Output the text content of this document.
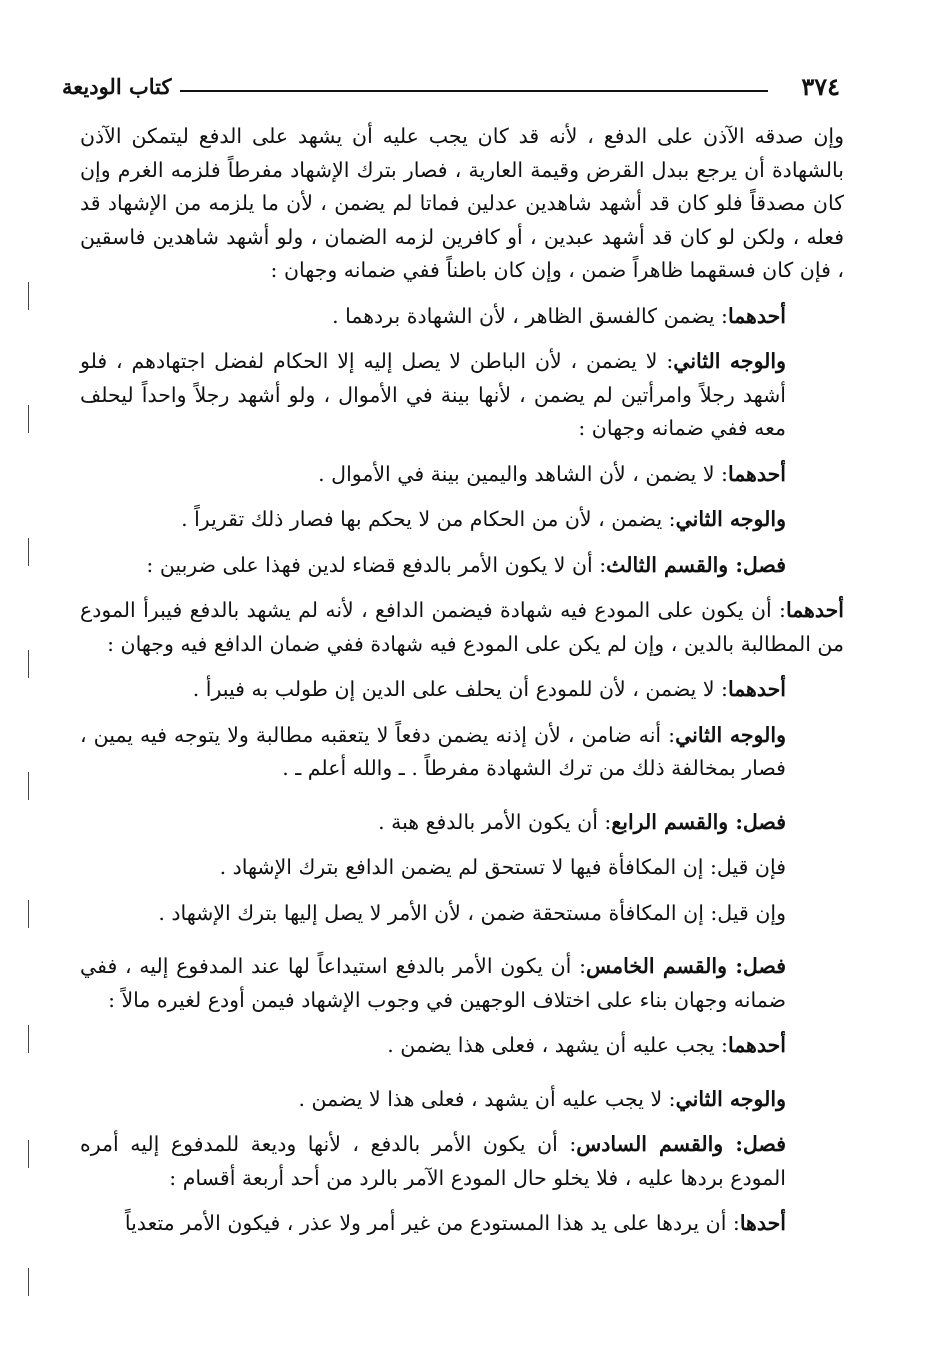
كتاب الوديعة	٣٧٤

وإن صدقه الآذن على الدفع ، لأنه قد كان يجب عليه أن يشهد على الدفع ليتمكن الآذن بالشهادة أن يرجع ببدل القرض وقيمة العارية ، فصار بترك الإشهاد مفرطاً فلزمه الغرم وإن كان مصدقاً فلو كان قد أشهد شاهدين عدلين فماتا لم يضمن ، لأن ما يلزمه من الإشهاد قد فعله ، ولكن لو كان قد أشهد عبدين ، أو كافرين لزمه الضمان ، ولو أشهد شاهدين فاسقين ، فإن كان فسقهما ظاهراً ضمن ، وإن كان باطناً ففي ضمانه وجهان :

أحدهما: يضمن كالفسق الظاهر ، لأن الشهادة بردهما .

والوجه الثاني: لا يضمن ، لأن الباطن لا يصل إليه إلا الحكام لفضل اجتهادهم ، فلو أشهد رجلاً وامرأتين لم يضمن ، لأنها بينة في الأموال ، ولو أشهد رجلاً واحداً ليحلف معه ففي ضمانه وجهان :

أحدهما: لا يضمن ، لأن الشاهد واليمين بينة في الأموال .

والوجه الثاني: يضمن ، لأن من الحكام من لا يحكم بها فصار ذلك تقريراً .

فصل: والقسم الثالث: أن لا يكون الأمر بالدفع قضاء لدين فهذا على ضربين :

أحدهما: أن يكون على المودع فيه شهادة فيضمن الدافع ، لأنه لم يشهد بالدفع فيبرأ المودع من المطالبة بالدين ، وإن لم يكن على المودع فيه شهادة ففي ضمان الدافع فيه وجهان :

أحدهما: لا يضمن ، لأن للمودع أن يحلف على الدين إن طولب به فيبرأ .

والوجه الثاني: أنه ضامن ، لأن إذنه يضمن دفعاً لا يتعقبه مطالبة ولا يتوجه فيه يمين ، فصار بمخالفة ذلك من ترك الشهادة مفرطاً . ـ والله أعلم ـ .

فصل: والقسم الرابع: أن يكون الأمر بالدفع هبة .

فإن قيل: إن المكافأة فيها لا تستحق لم يضمن الدافع بترك الإشهاد .

وإن قيل: إن المكافأة مستحقة ضمن ، لأن الأمر لا يصل إليها بترك الإشهاد .

فصل: والقسم الخامس: أن يكون الأمر بالدفع استيداعاً لها عند المدفوع إليه ، ففي ضمانه وجهان بناء على اختلاف الوجهين في وجوب الإشهاد فيمن أودع لغيره مالاً :

أحدهما: يجب عليه أن يشهد ، فعلى هذا يضمن .

والوجه الثاني: لا يجب عليه أن يشهد ، فعلى هذا لا يضمن .

فصل: والقسم السادس: أن يكون الأمر بالدفع ، لأنها وديعة للمدفوع إليه أمره المودع بردها عليه ، فلا يخلو حال المودع الآمر بالرد من أحد أربعة أقسام :

أحدها: أن يردها على يد هذا المستودع من غير أمر ولا عذر ، فيكون الأمر متعدياً
